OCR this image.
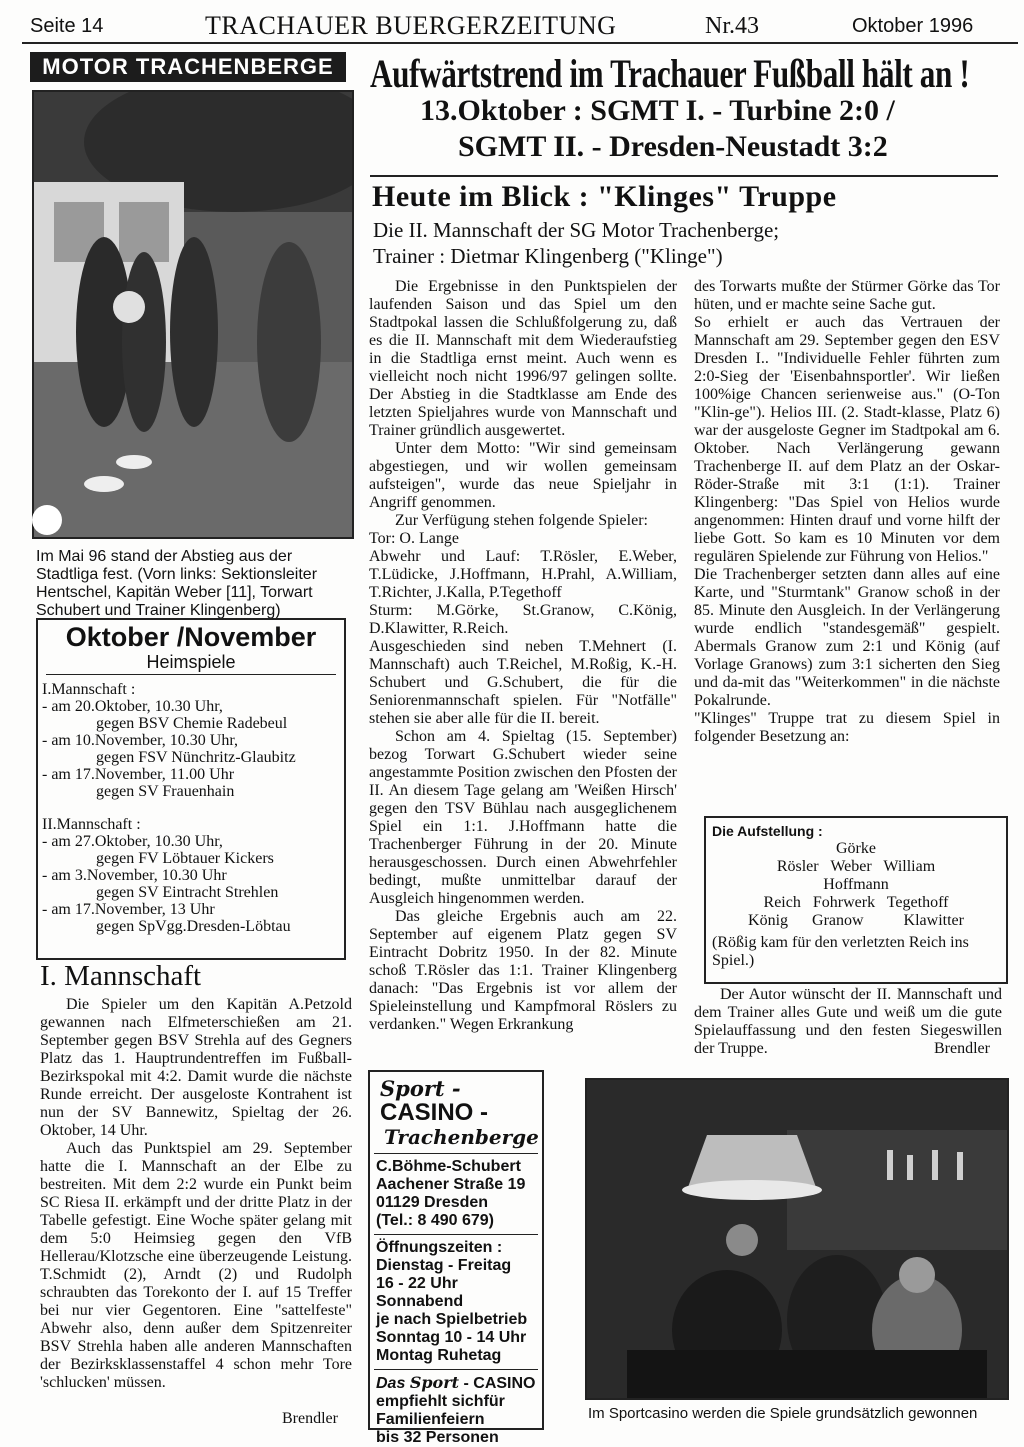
Seite 14	TRACHAUER BUERGERZEITUNG	Nr.43	Oktober 1996
MOTOR TRACHENBERGE
Im Mai 96 stand der Abstieg aus der Stadtliga fest. (Vorn links: Sektionsleiter Hentschel, Kapitän Weber [11], Torwart Schubert und Trainer Klingenberg)
Oktober /November
Heimspiele
I.Mannschaft :
- am 20.Oktober, 10.30 Uhr,
gegen BSV Chemie Radebeul
- am 10.November, 10.30 Uhr,
gegen FSV Nünchritz-Glaubitz
- am 17.November, 11.00 Uhr
gegen SV Frauenhain
II.Mannschaft :
- am 27.Oktober, 10.30 Uhr,
gegen FV Löbtauer Kickers
- am 3.November, 10.30 Uhr
gegen SV Eintracht Strehlen
- am 17.November, 13 Uhr
gegen SpVgg.Dresden-Löbtau
I. Mannschaft

Die Spieler um den Kapitän A.Petzold gewannen nach Elfmeterschießen am 21. September gegen BSV Strehla auf des Gegners Platz das 1. Hauptrundentreffen im Fußball-Bezirkspokal mit 4:2. Damit wurde die nächste Runde erreicht. Der ausgeloste Kontrahent ist nun der SV Bannewitz, Spieltag der 26. Oktober, 14 Uhr.

Auch das Punktspiel am 29. September hatte die I. Mannschaft an der Elbe zu bestreiten. Mit dem 2:2 wurde ein Punkt beim SC Riesa II. erkämpft und der dritte Platz in der Tabelle gefestigt. Eine Woche später gelang mit dem 5:0 Heimsieg gegen den VfB Hellerau/Klotzsche eine überzeugende Leistung. T.Schmidt (2), Arndt (2) und Rudolph schraubten das Torekonto der I. auf 15 Treffer bei nur vier Gegentoren. Eine "sattelfeste" Abwehr also, denn außer dem Spitzenreiter BSV Strehla haben alle anderen Mannschaften der Bezirksklassenstaffel 4 schon mehr Tore 'schlucken' müssen.

Brendler
Aufwärtstrend im Trachauer Fußball hält an !
13.Oktober : SGMT I. - Turbine 2:0 /
SGMT II. - Dresden-Neustadt 3:2
Heute im Blick : "Klinges" Truppe
Die II. Mannschaft der SG Motor Trachenberge;
Trainer : Dietmar Klingenberg ("Klinge")

Die Ergebnisse in den Punktspielen der laufenden Saison und das Spiel um den Stadtpokal lassen die Schlußfolgerung zu, daß es die II. Mannschaft mit dem Wiederaufstieg in die Stadtliga ernst meint. Auch wenn es vielleicht noch nicht 1996/97 gelingen sollte. Der Abstieg in die Stadtklasse am Ende des letzten Spieljahres wurde von Mannschaft und Trainer gründlich ausgewertet.

Unter dem Motto: "Wir sind gemeinsam abgestiegen, und wir wollen gemeinsam aufsteigen", wurde das neue Spieljahr in Angriff genommen.

Zur Verfügung stehen folgende Spieler:

Tor: O. Lange

Abwehr und Lauf: T.Rösler, E.Weber, T.Lüdicke, J.Hoffmann, H.Prahl, A.William, T.Richter, J.Kalla, P.Tegethoff

Sturm: M.Görke, St.Granow, C.König, D.Klawitter, R.Reich.

Ausgeschieden sind neben T.Mehnert (I. Mannschaft) auch T.Reichel, M.Roßig, K.-H. Schubert und G.Schubert, die für die Seniorenmannschaft spielen. Für "Notfälle" stehen sie aber alle für die II. bereit.

Schon am 4. Spieltag (15. September) bezog Torwart G.Schubert wieder seine angestammte Position zwischen den Pfosten der II. An diesem Tage gelang am 'Weißen Hirsch' gegen den TSV Bühlau nach ausgeglichenem Spiel ein 1:1. J.Hoffmann hatte die Trachenberger Führung in der 20. Minute herausgeschossen. Durch einen Abwehrfehler bedingt, mußte unmittelbar darauf der Ausgleich hingenommen werden.

Das gleiche Ergebnis auch am 22. September auf eigenem Platz gegen SV Eintracht Dobritz 1950. In der 82. Minute schoß T.Rösler das 1:1. Trainer Klingenberg danach: "Das Ergebnis ist vor allem der Spieleinstellung und Kampfmoral Röslers zu verdanken." Wegen Erkrankung

des Torwarts mußte der Stürmer Görke das Tor hüten, und er machte seine Sache gut.

So erhielt er auch das Vertrauen der Mannschaft am 29. September gegen den ESV Dresden I.. "Individuelle Fehler führten zum 2:0-Sieg der 'Eisenbahnsportler'. Wir ließen 100%ige Chancen serienweise aus." (O-Ton "Klin-ge"). Helios III. (2. Stadt-klasse, Platz 6) war der ausgeloste Gegner im Stadtpokal am 6. Oktober. Nach Verlängerung gewann Trachenberge II. auf dem Platz an der Oskar-Röder-Straße mit 3:1 (1:1). Trainer Klingenberg: "Das Spiel von Helios wurde angenommen: Hinten drauf und vorne hilft der liebe Gott. So kam es 10 Minuten vor dem regulären Spielende zur Führung von Helios."

Die Trachenberger setzten dann alles auf eine Karte, und "Sturmtank" Granow schoß in der 85. Minute den Ausgleich. In der Verlängerung wurde endlich "standesgemäß" gespielt. Abermals Granow zum 2:1 und König (auf Vorlage Granows) zum 3:1 sicherten den Sieg und da-mit das "Weiterkommen" in die nächste Pokalrunde.

"Klinges" Truppe trat zu diesem Spiel in folgender Besetzung an:

Die Aufstellung :
Görke
Rösler   Weber   William
Hoffmann
Reich   Fohrwerk   Tegethoff
König      Granow          Klawitter
(Rößig kam für den verletzten Reich ins Spiel.)

Der Autor wünscht der II. Mannschaft und dem Trainer alles Gute und weiß um die gute Spielauffassung und den festen Siegeswillen der Truppe.	Brendler
Sport -
CASINO -
Trachenberge
C.Böhme-Schubert
Aachener Straße 19
01129 Dresden
(Tel.: 8 490 679)
Öffnungszeiten :
Dienstag - Freitag
16 - 22 Uhr
Sonnabend
je nach Spielbetrieb
Sonntag 10 - 14 Uhr
Montag Ruhetag
Das Sport - CASINO
empfiehlt sichfür
Familienfeiern
bis 32 Personen
Im Sportcasino werden die Spiele grundsätzlich gewonnen
